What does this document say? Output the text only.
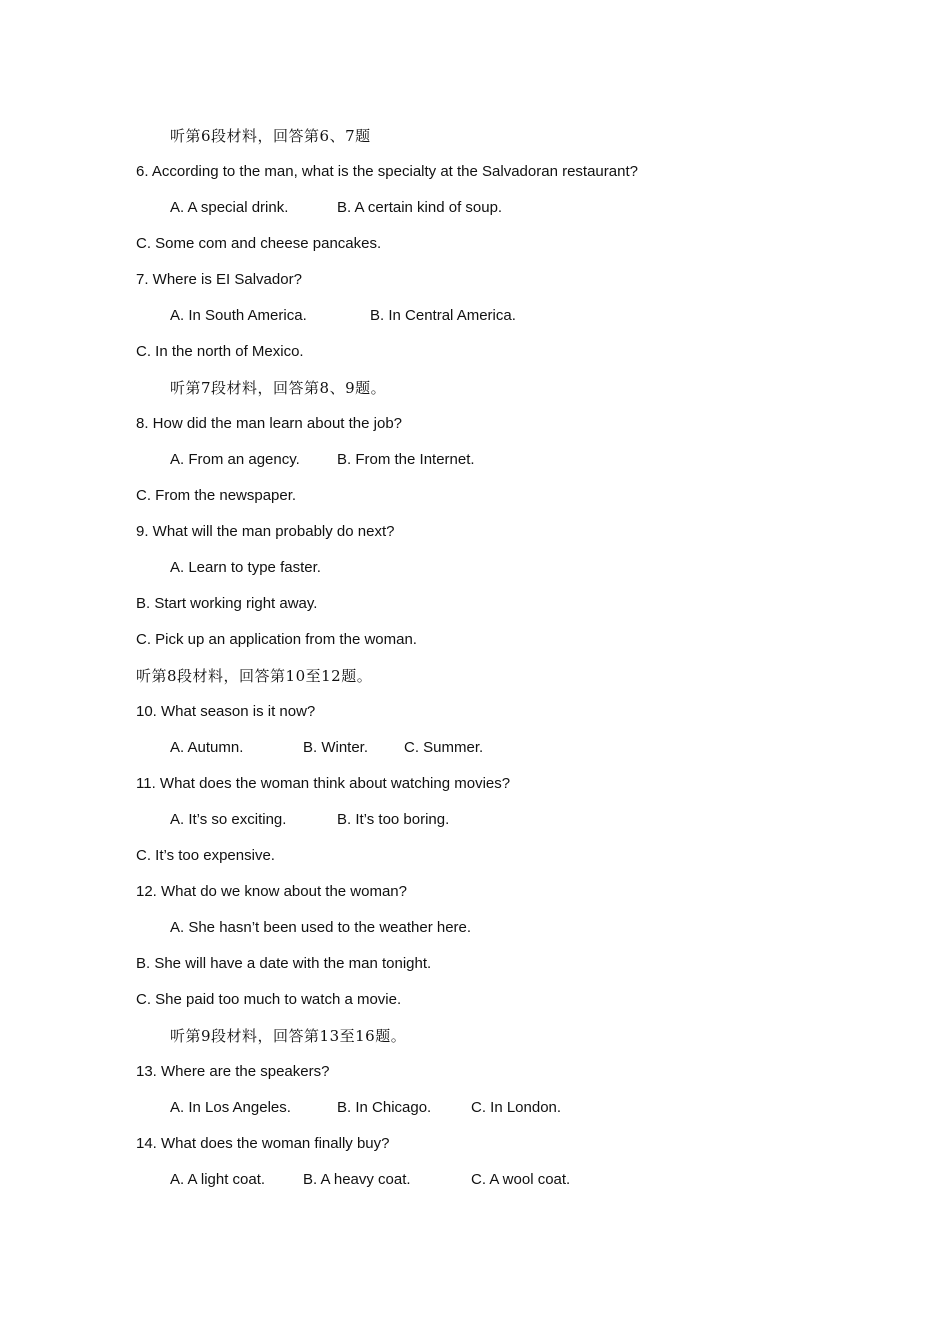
听第6段材料，回答第6、7题
6. According to the man, what is the specialty at the Salvadoran restaurant?
A. A special drink.	B. A certain kind of soup.
C. Some com and cheese pancakes.
7. Where is EI Salvador?
A. In South America.	B. In Central America.
C. In the north of Mexico.
听第7段材料，回答第8、9题。
8. How did the man learn about the job?
A. From an agency. B. From the Internet.
C. From the newspaper.
9. What will the man probably do next?
A. Learn to type faster.
B. Start working right away.
C. Pick up an application from the woman.
听第8段材料，回答第10至12题。
10. What season is it now?
A. Autumn.	B. Winter. C. Summer.
11. What does the woman think about watching movies?
A. It’s so exciting.	B. It’s too boring.
C. It’s too expensive.
12. What do we know about the woman?
A. She hasn’t been used to the weather here.
B. She will have a date with the man tonight.
C. She paid too much to watch a movie.
听第9段材料，回答第13至16题。
13. Where are the speakers?
A. In Los Angeles.	B. In Chicago.	C. In London.
14. What does the woman finally buy?
A. A light coat.	B. A heavy coat.	C. A wool coat.
